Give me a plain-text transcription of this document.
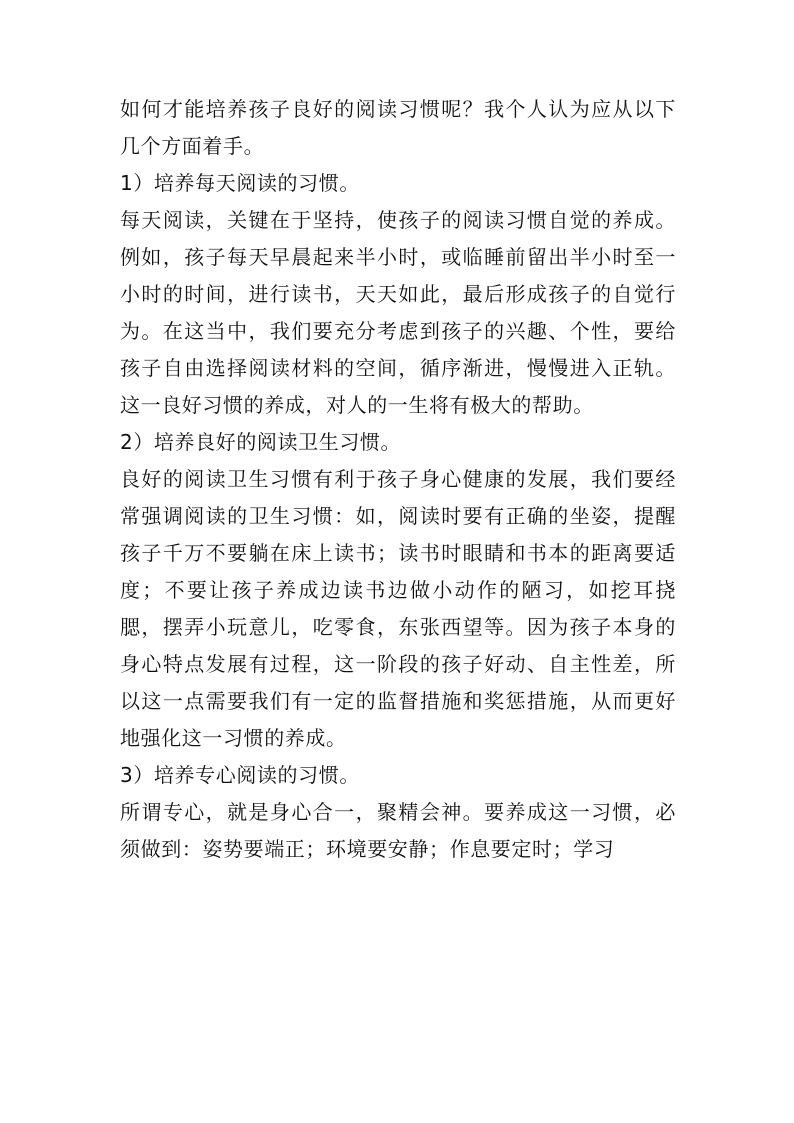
如何才能培养孩子良好的阅读习惯呢？我个人认为应从以下几个方面着手。

1）培养每天阅读的习惯。

每天阅读，关键在于坚持，使孩子的阅读习惯自觉的养成。例如，孩子每天早晨起来半小时，或临睡前留出半小时至一小时的时间，进行读书，天天如此，最后形成孩子的自觉行为。在这当中，我们要充分考虑到孩子的兴趣、个性，要给孩子自由选择阅读材料的空间，循序渐进，慢慢进入正轨。这一良好习惯的养成，对人的一生将有极大的帮助。

2）培养良好的阅读卫生习惯。

良好的阅读卫生习惯有利于孩子身心健康的发展，我们要经常强调阅读的卫生习惯：如，阅读时要有正确的坐姿，提醒孩子千万不要躺在床上读书；读书时眼睛和书本的距离要适度；不要让孩子养成边读书边做小动作的陋习，如挖耳挠腮，摆弄小玩意儿，吃零食，东张西望等。因为孩子本身的身心特点发展有过程，这一阶段的孩子好动、自主性差，所以这一点需要我们有一定的监督措施和奖惩措施，从而更好地强化这一习惯的养成。

3）培养专心阅读的习惯。

所谓专心，就是身心合一，聚精会神。要养成这一习惯，必须做到：姿势要端正；环境要安静；作息要定时；学习
